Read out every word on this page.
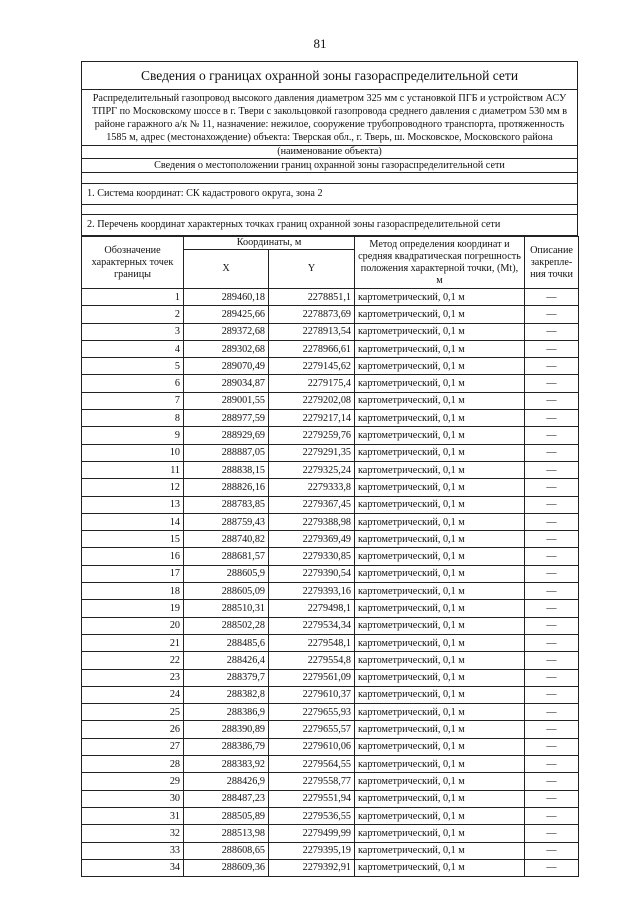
81
Сведения о границах охранной зоны газораспределительной сети
Распределительный газопровод высокого давления диаметром 325 мм с установкой ПГБ и устройством АСУ ТПРГ по Московскому шоссе в г. Твери с закольцовкой газопровода среднего давления с диаметром 530 мм в районе гаражного а/к № 11, назначение: нежилое, сооружение трубопроводного транспорта, протяженность 1585 м, адрес (местонахождение) объекта: Тверская обл., г. Тверь, ш. Московское, Московского района
(наименование объекта)
Сведения о местоположении границ охранной зоны газораспределительной сети
1. Система координат: СК кадастрового округа, зона 2
2. Перечень координат характерных точках границ охранной зоны газораспределительной сети
Обозначение характерных точек границы	Координаты, м		Метод определения координат и средняя квадратическая погрешность положения характерной точки, (Mt), м	Описание закрепле-ния точки
	X	Y		
1	289460,18	2278851,1	картометрический, 0,1 м	—
2	289425,66	2278873,69	картометрический, 0,1 м	—
3	289372,68	2278913,54	картометрический, 0,1 м	—
4	289302,68	2278966,61	картометрический, 0,1 м	—
5	289070,49	2279145,62	картометрический, 0,1 м	—
6	289034,87	2279175,4	картометрический, 0,1 м	—
7	289001,55	2279202,08	картометрический, 0,1 м	—
8	288977,59	2279217,14	картометрический, 0,1 м	—
9	288929,69	2279259,76	картометрический, 0,1 м	—
10	288887,05	2279291,35	картометрический, 0,1 м	—
11	288838,15	2279325,24	картометрический, 0,1 м	—
12	288826,16	2279333,8	картометрический, 0,1 м	—
13	288783,85	2279367,45	картометрический, 0,1 м	—
14	288759,43	2279388,98	картометрический, 0,1 м	—
15	288740,82	2279369,49	картометрический, 0,1 м	—
16	288681,57	2279330,85	картометрический, 0,1 м	—
17	288605,9	2279390,54	картометрический, 0,1 м	—
18	288605,09	2279393,16	картометрический, 0,1 м	—
19	288510,31	2279498,1	картометрический, 0,1 м	—
20	288502,28	2279534,34	картометрический, 0,1 м	—
21	288485,6	2279548,1	картометрический, 0,1 м	—
22	288426,4	2279554,8	картометрический, 0,1 м	—
23	288379,7	2279561,09	картометрический, 0,1 м	—
24	288382,8	2279610,37	картометрический, 0,1 м	—
25	288386,9	2279655,93	картометрический, 0,1 м	—
26	288390,89	2279655,57	картометрический, 0,1 м	—
27	288386,79	2279610,06	картометрический, 0,1 м	—
28	288383,92	2279564,55	картометрический, 0,1 м	—
29	288426,9	2279558,77	картометрический, 0,1 м	—
30	288487,23	2279551,94	картометрический, 0,1 м	—
31	288505,89	2279536,55	картометрический, 0,1 м	—
32	288513,98	2279499,99	картометрический, 0,1 м	—
33	288608,65	2279395,19	картометрический, 0,1 м	—
34	288609,36	2279392,91	картометрический, 0,1 м	—
